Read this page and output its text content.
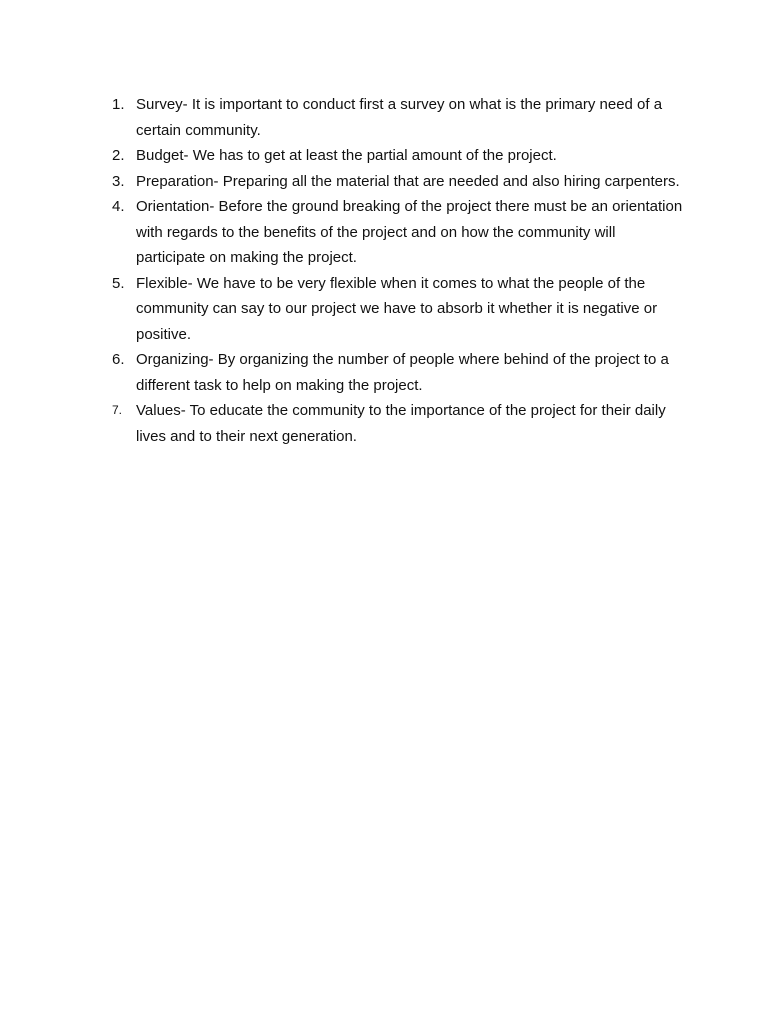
1. Survey- It is important to conduct first a survey on what is the primary need of a certain community.
2. Budget- We has to get at least the partial amount of the project.
3. Preparation- Preparing all the material that are needed and also hiring carpenters.
4. Orientation- Before the ground breaking of the project there must be an orientation with regards to the benefits of the project and on how the community will participate on making the project.
5. Flexible- We have to be very flexible when it comes to what the people of the community can say to our project we have to absorb it whether it is negative or positive.
6. Organizing- By organizing the number of people where behind of the project to a different task to help on making the project.
7. Values- To educate the community to the importance of the project for their daily lives and to their next generation.
